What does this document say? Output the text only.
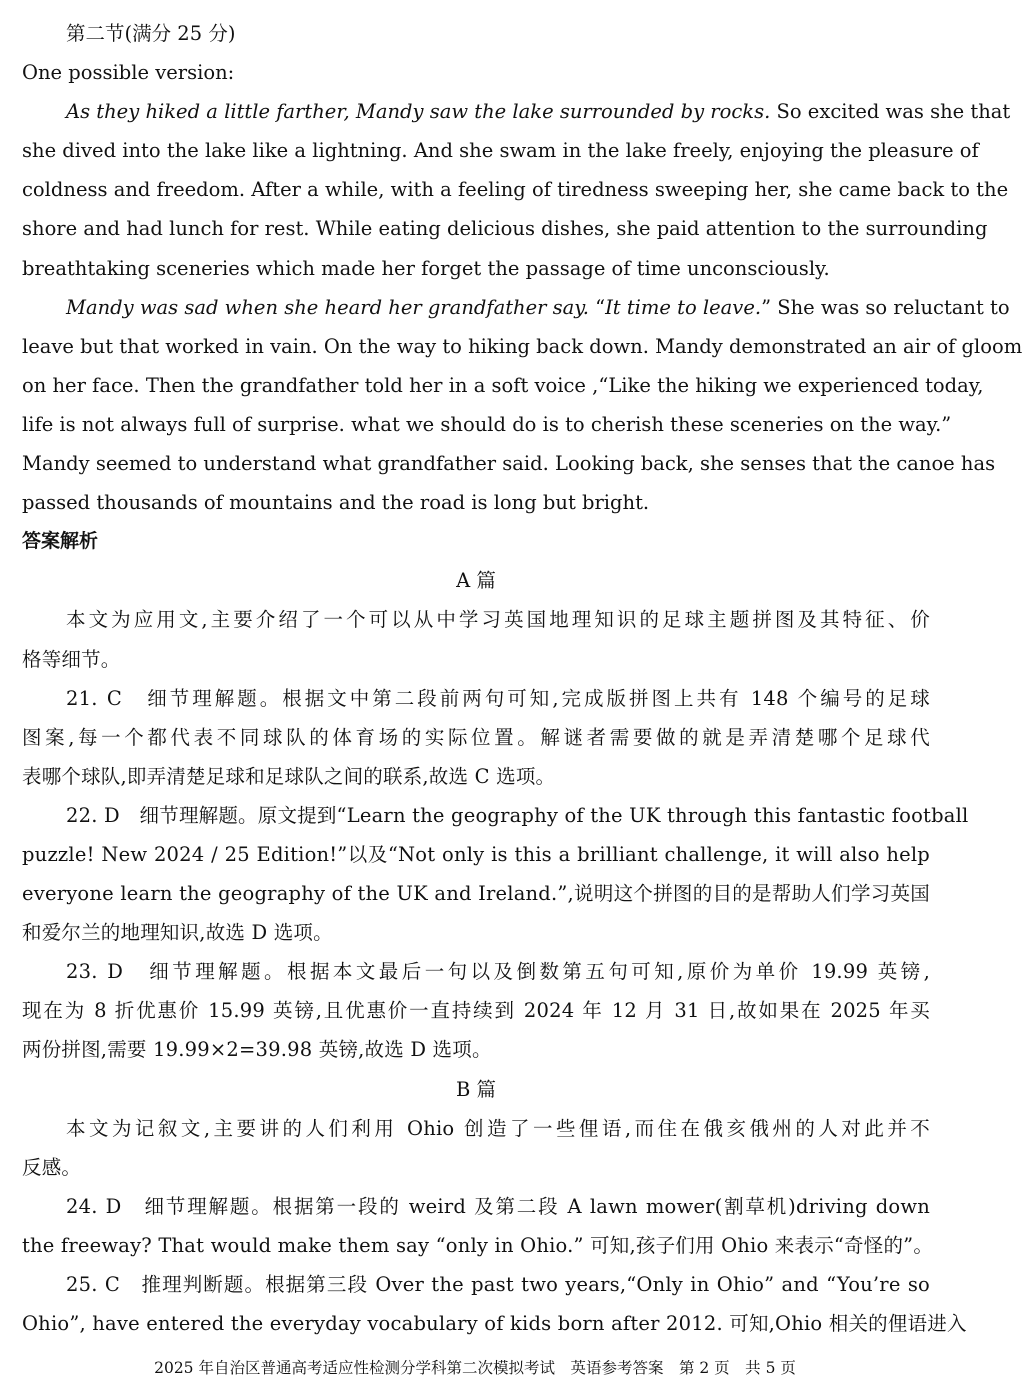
第二节(满分 25 分)
One possible version:
As they hiked a little farther, Mandy saw the lake surrounded by rocks. So excited was she that
she dived into the lake like a lightning. And she swam in the lake freely, enjoying the pleasure of
coldness and freedom. After a while, with a feeling of tiredness sweeping her, she came back to the
shore and had lunch for rest. While eating delicious dishes, she paid attention to the surrounding
breathtaking sceneries which made her forget the passage of time unconsciously.
Mandy was sad when she heard her grandfather say. “It time to leave.” She was so reluctant to
leave but that worked in vain. On the way to hiking back down. Mandy demonstrated an air of gloom
on her face. Then the grandfather told her in a soft voice ,“Like the hiking we experienced today,
life is not always full of surprise. what we should do is to cherish these sceneries on the way.”
Mandy seemed to understand what grandfather said. Looking back, she senses that the canoe has
passed thousands of mountains and the road is long but bright.
答案解析
A 篇
本文为应用文,主要介绍了一个可以从中学习英国地理知识的足球主题拼图及其特征、价
格等细节。
21. C　细节理解题。根据文中第二段前两句可知,完成版拼图上共有 148 个编号的足球
图案,每一个都代表不同球队的体育场的实际位置。解谜者需要做的就是弄清楚哪个足球代
表哪个球队,即弄清楚足球和足球队之间的联系,故选 C 选项。
22. D　细节理解题。原文提到“Learn the geography of the UK through this fantastic football
puzzle! New 2024 / 25 Edition!”以及“Not only is this a brilliant challenge, it will also help
everyone learn the geography of the UK and Ireland.”,说明这个拼图的目的是帮助人们学习英国
和爱尔兰的地理知识,故选 D 选项。
23. D　细节理解题。根据本文最后一句以及倒数第五句可知,原价为单价 19.99 英镑,
现在为 8 折优惠价 15.99 英镑,且优惠价一直持续到 2024 年 12 月 31 日,故如果在 2025 年买
两份拼图,需要 19.99×2=39.98 英镑,故选 D 选项。
B 篇
本文为记叙文,主要讲的人们利用 Ohio 创造了一些俚语,而住在俄亥俄州的人对此并不
反感。
24. D　细节理解题。根据第一段的 weird 及第二段 A lawn mower(割草机)driving down
the freeway? That would make them say “only in Ohio.” 可知,孩子们用 Ohio 来表示“奇怪的”。
25. C　推理判断题。根据第三段 Over the past two years,“Only in Ohio” and “You’re so
Ohio”, have entered the everyday vocabulary of kids born after 2012. 可知,Ohio 相关的俚语进入
2025 年自治区普通高考适应性检测分学科第二次模拟考试　英语参考答案　第 2 页　共 5 页
